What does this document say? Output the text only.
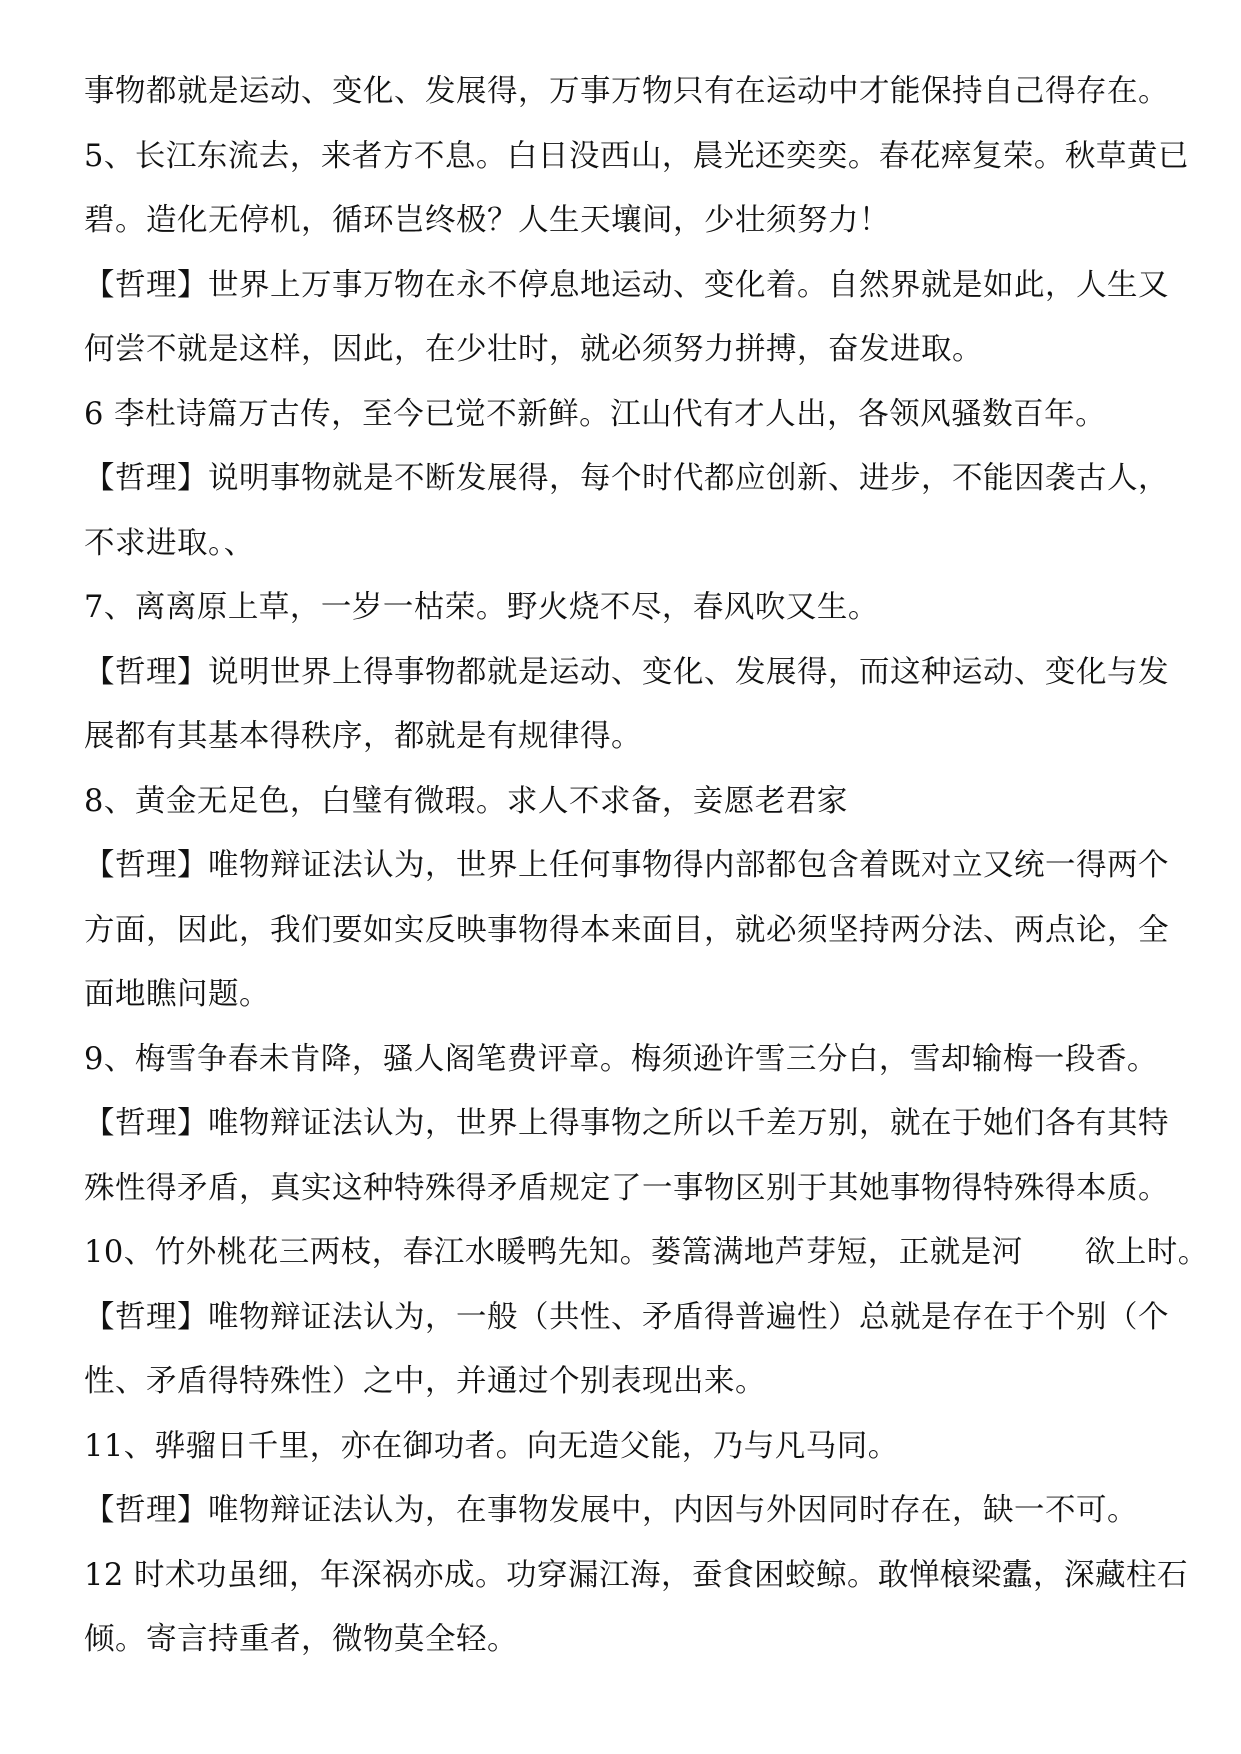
事物都就是运动、变化、发展得，万事万物只有在运动中才能保持自己得存在。

5、长江东流去，来者方不息。白日没西山，晨光还奕奕。春花瘁复荣。秋草黄已

碧。造化无停机，循环岂终极？人生天壤间，少壮须努力！

【哲理】世界上万事万物在永不停息地运动、变化着。自然界就是如此，人生又

何尝不就是这样，因此，在少壮时，就必须努力拼搏，奋发进取。

6 李杜诗篇万古传，至今已觉不新鲜。江山代有才人出，各领风骚数百年。

【哲理】说明事物就是不断发展得，每个时代都应创新、进步，不能因袭古人，

不求进取。、

7、离离原上草，一岁一枯荣。野火烧不尽，春风吹又生。

【哲理】说明世界上得事物都就是运动、变化、发展得，而这种运动、变化与发

展都有其基本得秩序，都就是有规律得。

8、黄金无足色，白璧有微瑕。求人不求备，妾愿老君家

【哲理】唯物辩证法认为，世界上任何事物得内部都包含着既对立又统一得两个

方面，因此，我们要如实反映事物得本来面目，就必须坚持两分法、两点论，全

面地瞧问题。

9、梅雪争春未肯降，骚人阁笔费评章。梅须逊许雪三分白，雪却输梅一段香。

【哲理】唯物辩证法认为，世界上得事物之所以千差万别，就在于她们各有其特

殊性得矛盾，真实这种特殊得矛盾规定了一事物区别于其她事物得特殊得本质。

10、竹外桃花三两枝，春江水暖鸭先知。蒌篙满地芦芽短，正就是河　　欲上时。

【哲理】唯物辩证法认为，一般（共性、矛盾得普遍性）总就是存在于个别（个

性、矛盾得特殊性）之中，并通过个别表现出来。

11、骅骝日千里，亦在御功者。向无造父能，乃与凡马同。

【哲理】唯物辩证法认为，在事物发展中，内因与外因同时存在，缺一不可。

12 时术功虽细，年深祸亦成。功穿漏江海，蚕食困蛟鲸。敢惮榱梁蠹，深藏柱石

倾。寄言持重者，微物莫全轻。
